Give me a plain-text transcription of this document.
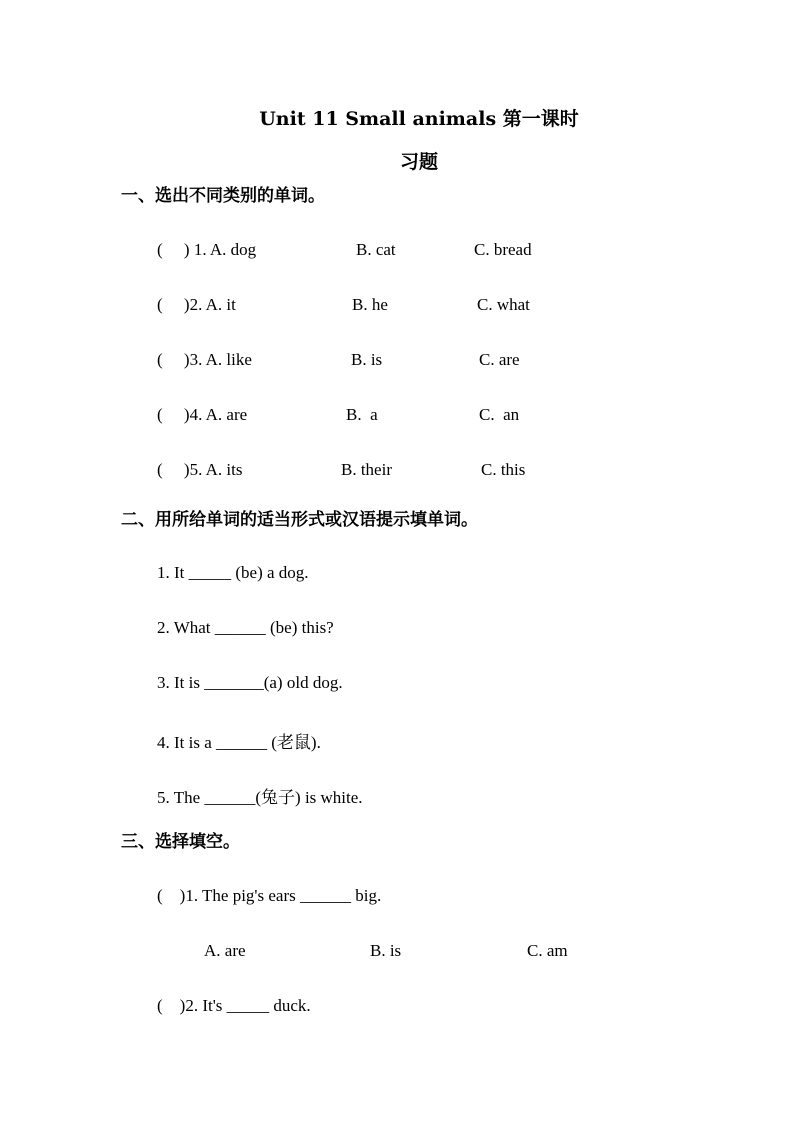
Unit 11 Small animals 第一课时
习题
一、选出不同类别的单词。
(     ) 1. A. dog	B. cat	C. bread
(     )2. A. it	B. he	C. what
(     )3. A. like	B. is	C. are
(     )4. A. are	B.  a	C.  an
(     )5. A. its	B. their	C. this
二、用所给单词的适当形式或汉语提示填单词。
1. It _____ (be) a dog.
2. What ______ (be) this?
3. It is _______(a) old dog.
4. It is a ______ (老鼠).
5. The ______(兔子) is white.
三、选择填空。
(    )1. The pig's ears ______ big.
A. are	B. is	C. am
(    )2. It's _____ duck.
